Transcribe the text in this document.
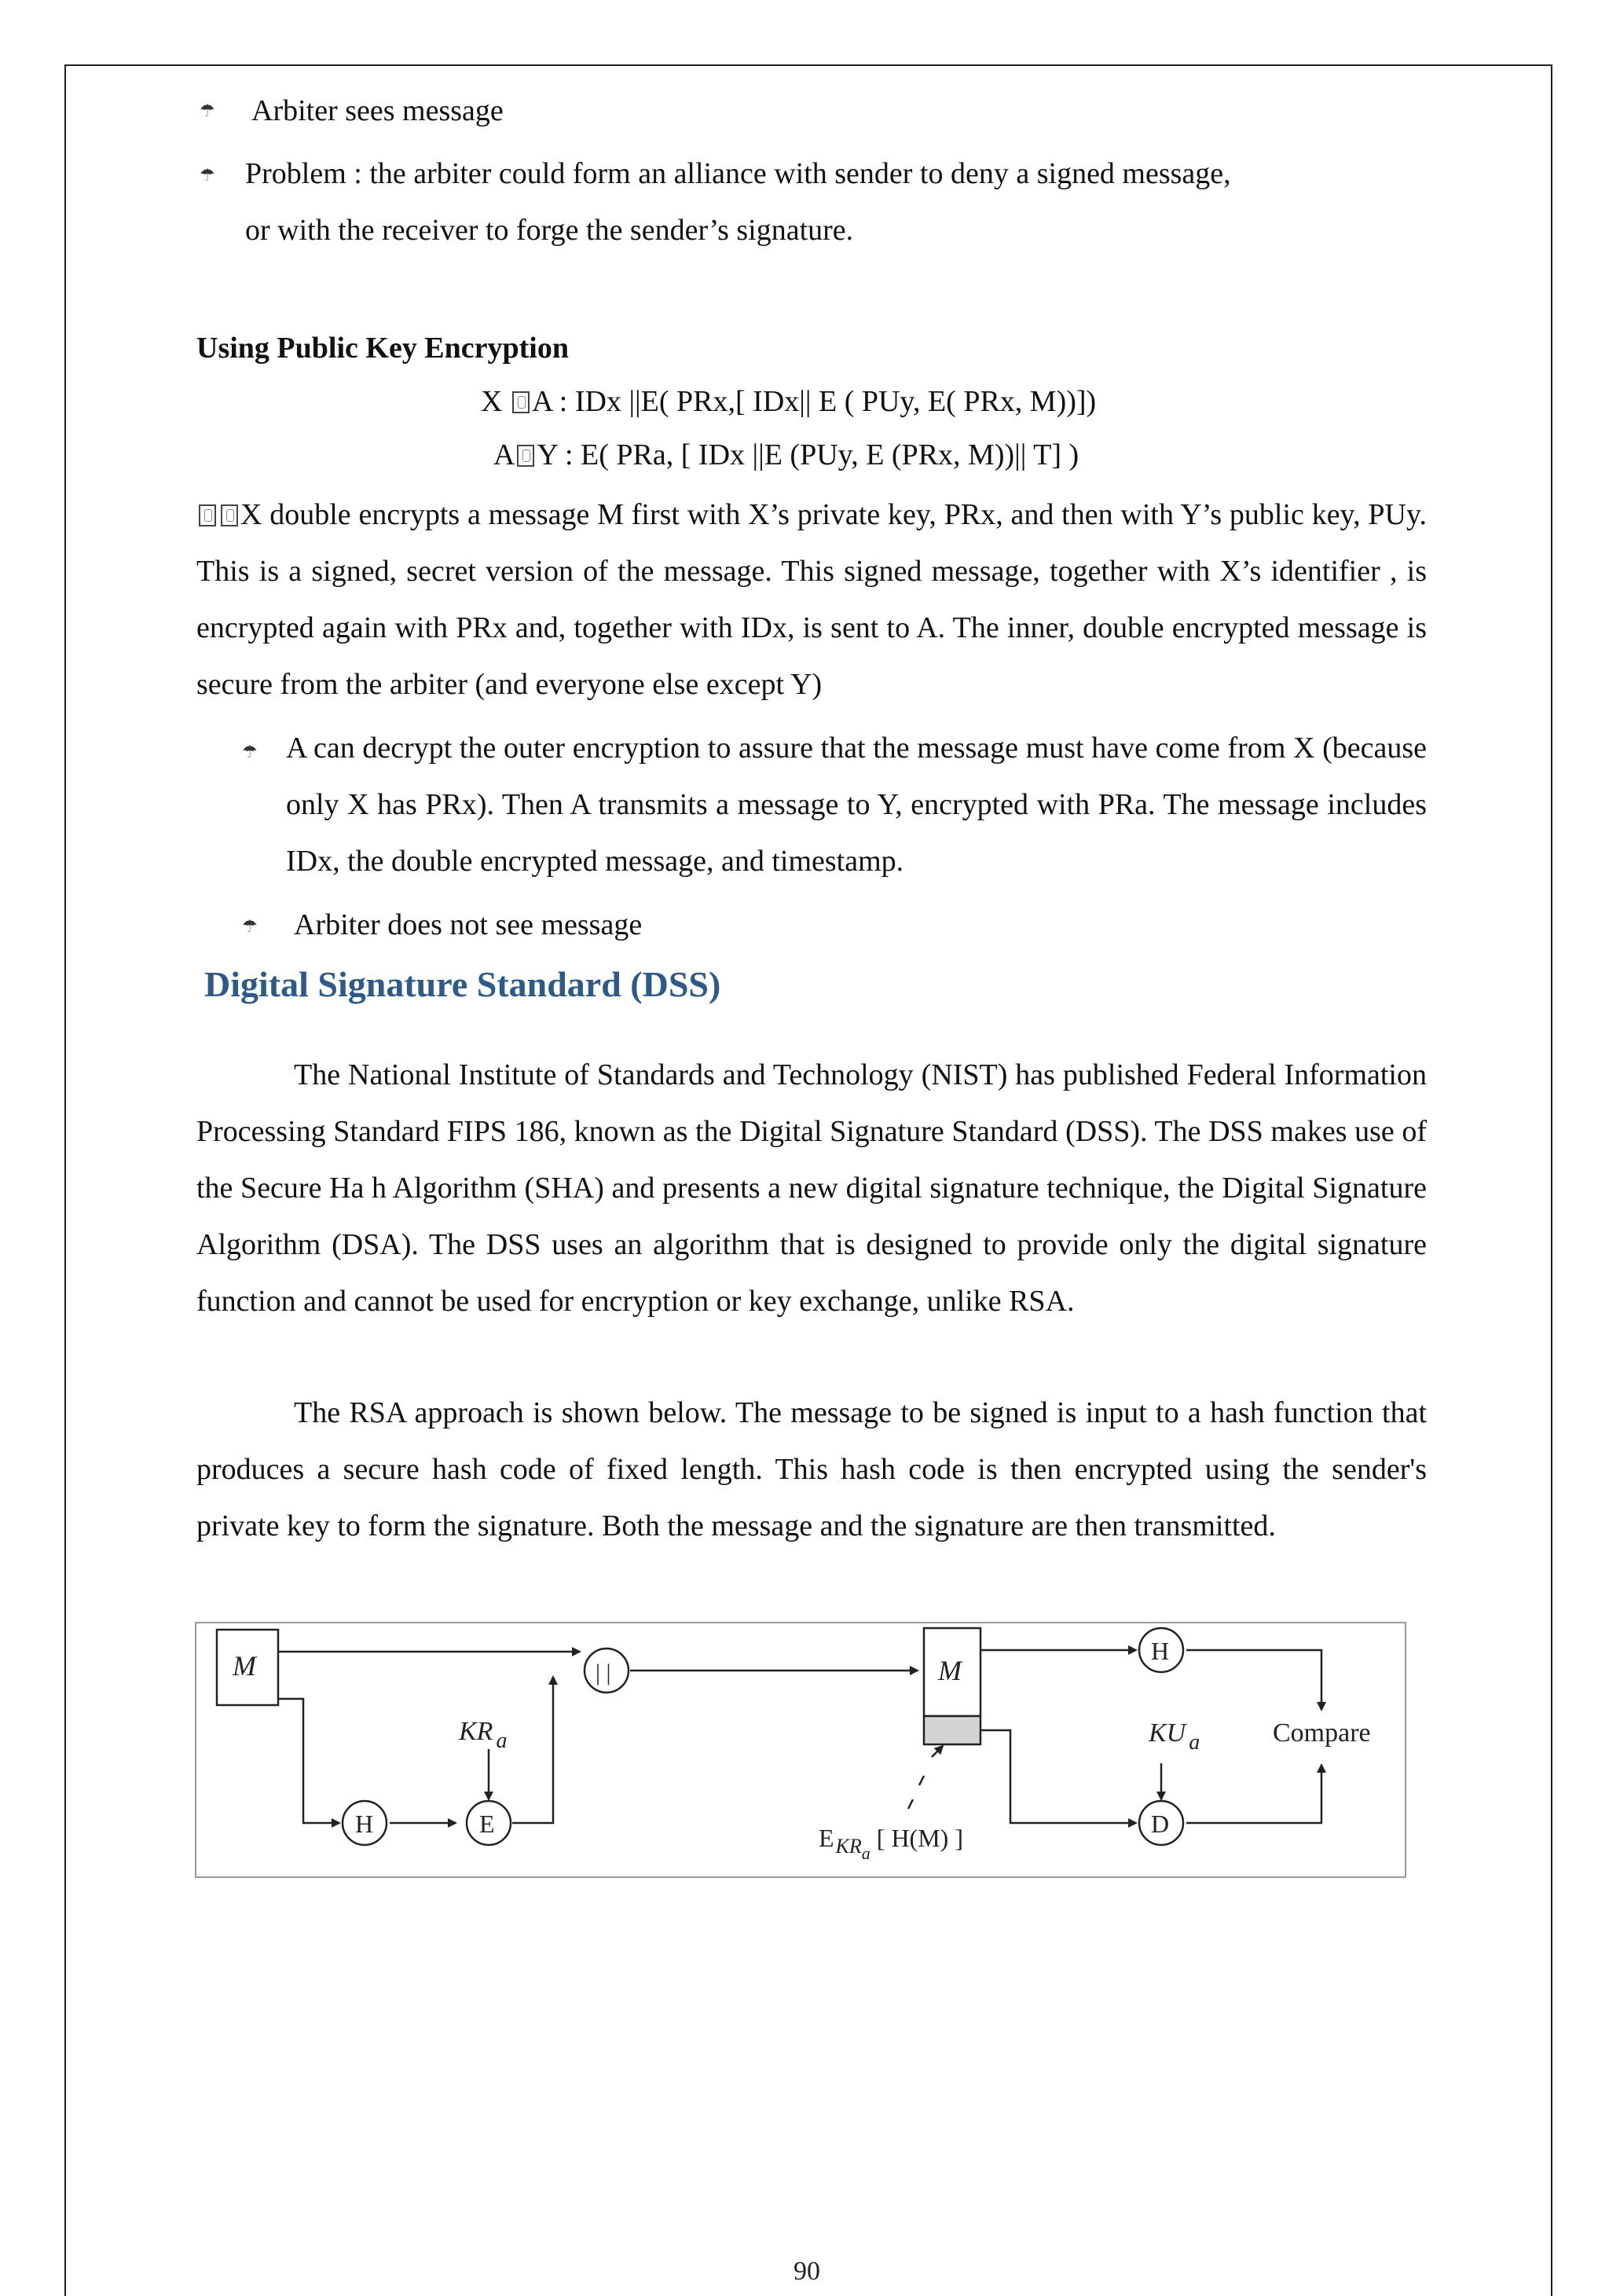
☂ Arbiter sees message
☂ Problem : the arbiter could form an alliance with sender to deny a signed message,
or with the receiver to forge the sender’s signature.
Using Public Key Encryption
X A : IDx ||E( PRx,[ IDx|| E ( PUy, E( PRx, M))])
A Y : E( PRa, [ IDx ||E (PUy, E (PRx, M))|| T] )
X double encrypts a message M first with X’s private key, PRx, and then with Y’s public key, PUy. This is a signed, secret version of the message. This signed message, together with X’s identifier , is encrypted again with PRx and, together with IDx, is sent to A. The inner, double encrypted message is secure from the arbiter (and everyone else except Y)
☂ A can decrypt the outer encryption to assure that the message must have come from X (because only X has PRx). Then A transmits a message to Y, encrypted with PRa. The message includes IDx, the double encrypted message, and timestamp.
☂ Arbiter does not see message
Digital Signature Standard (DSS)
The National Institute of Standards and Technology (NIST) has published Federal Information Processing Standard FIPS 186, known as the Digital Signature Standard (DSS). The DSS makes use of the Secure Ha h Algorithm (SHA) and presents a new digital signature technique, the Digital Signature Algorithm (DSA). The DSS uses an algorithm that is designed to provide only the digital signature function and cannot be used for encryption or key exchange, unlike RSA.
The RSA approach is shown below. The message to be signed is input to a hash function that produces a secure hash code of fixed length. This hash code is then encrypted using the sender's private key to form the signature. Both the message and the signature are then transmitted.
M	M
H	E
| |
H
D
KR $_a$	KU $_a$	Compare
$E_{KRa}$[ H(M) ]
90
